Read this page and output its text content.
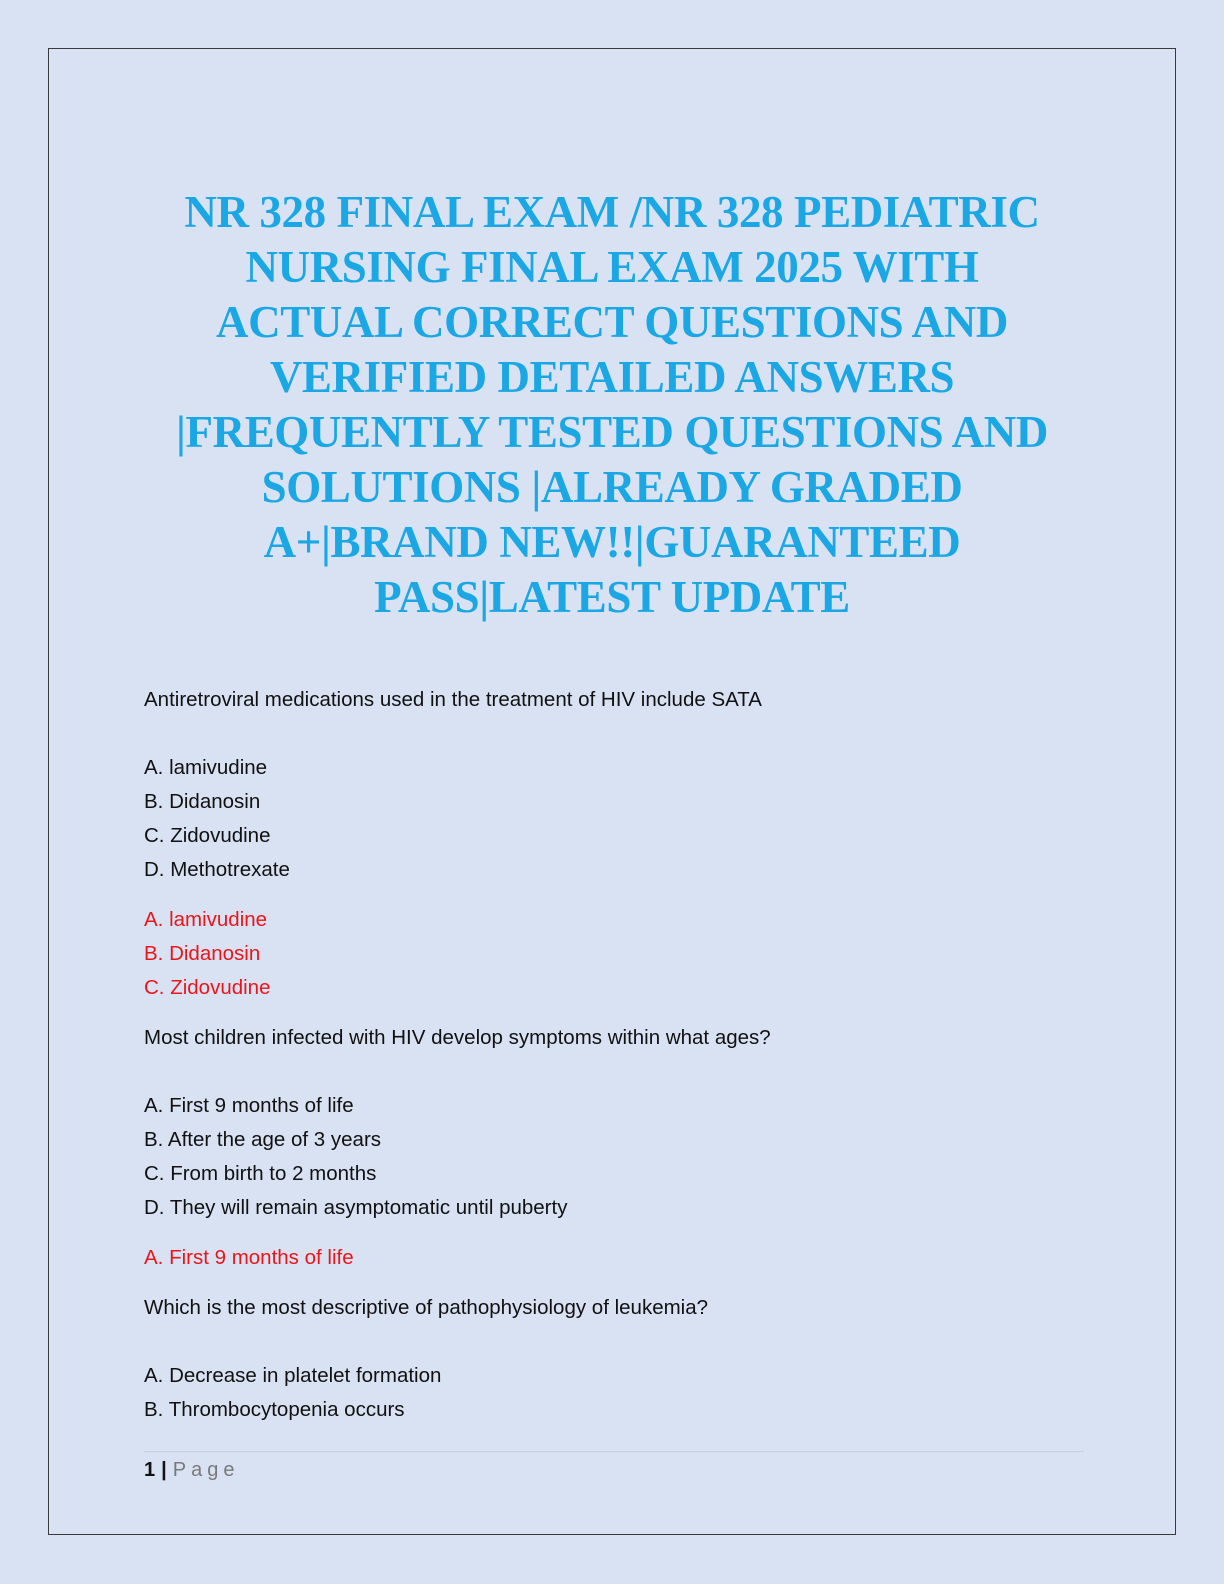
NR 328 FINAL EXAM /NR 328 PEDIATRIC
NURSING FINAL EXAM 2025 WITH
ACTUAL CORRECT QUESTIONS AND
VERIFIED DETAILED ANSWERS
|FREQUENTLY TESTED QUESTIONS AND
SOLUTIONS |ALREADY GRADED
A+|BRAND NEW!!|GUARANTEED
PASS|LATEST UPDATE

Antiretroviral medications used in the treatment of HIV include SATA

A. lamivudine

B. Didanosin

C. Zidovudine

D. Methotrexate

A. lamivudine

B. Didanosin

C. Zidovudine

Most children infected with HIV develop symptoms within what ages?

A. First 9 months of life

B. After the age of 3 years

C. From birth to 2 months

D. They will remain asymptomatic until puberty

A. First 9 months of life

Which is the most descriptive of pathophysiology of leukemia?

A. Decrease in platelet formation

B. Thrombocytopenia occurs

1 | Page
